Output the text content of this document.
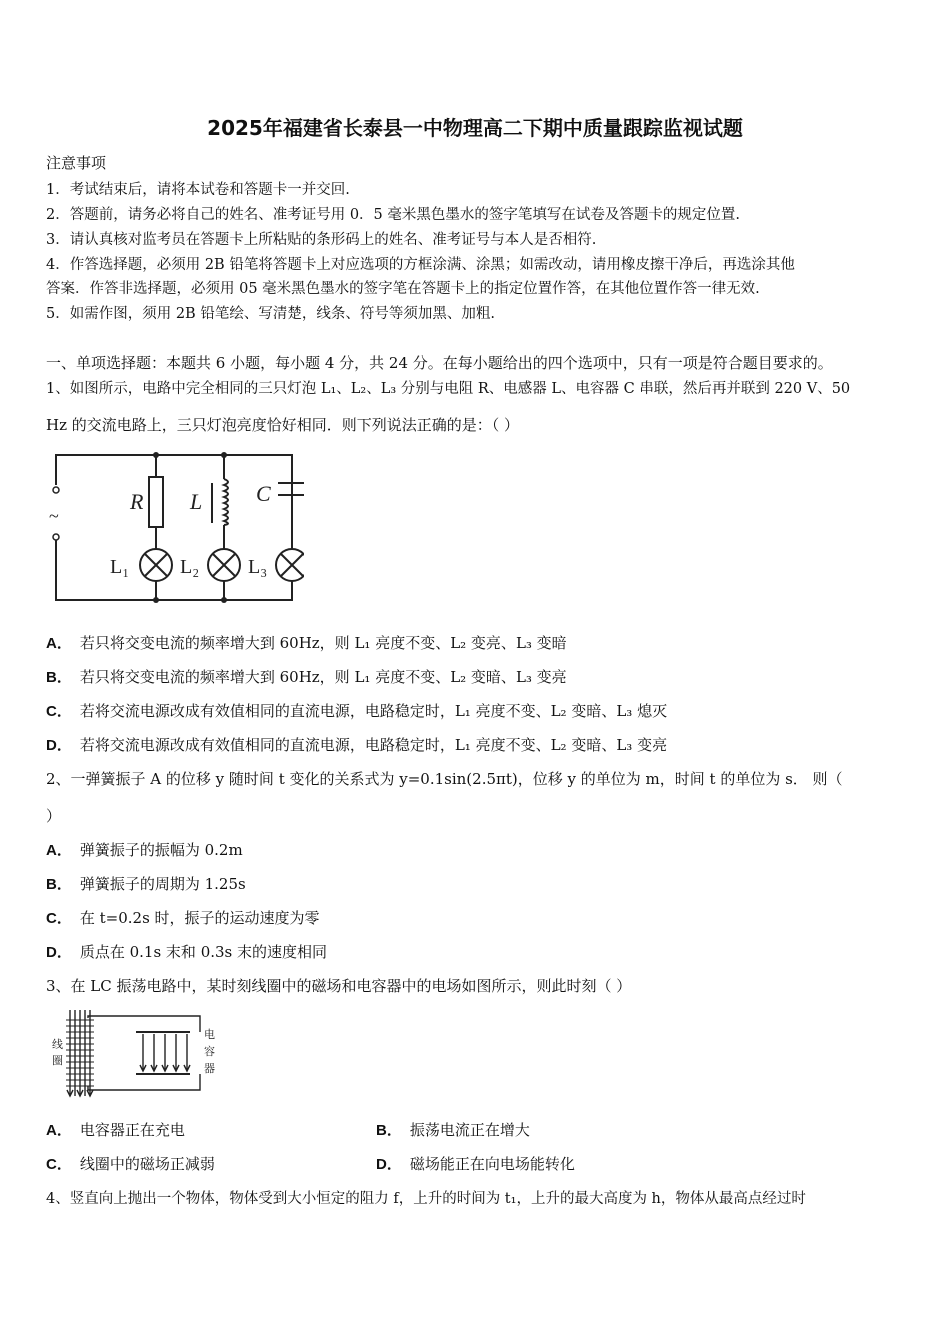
2025年福建省长泰县一中物理高二下期中质量跟踪监视试题
注意事项
1．考试结束后，请将本试卷和答题卡一并交回.
2．答题前，请务必将自己的姓名、准考证号用 0．5 毫米黑色墨水的签字笔填写在试卷及答题卡的规定位置.
3．请认真核对监考员在答题卡上所粘贴的条形码上的姓名、准考证号与本人是否相符.
4．作答选择题，必须用 2B 铅笔将答题卡上对应选项的方框涂满、涂黑；如需改动，请用橡皮擦干净后，再选涂其他
答案．作答非选择题，必须用 05 毫米黑色墨水的签字笔在答题卡上的指定位置作答，在其他位置作答一律无效.
5．如需作图，须用 2B 铅笔绘、写清楚，线条、符号等须加黑、加粗.
一、单项选择题：本题共 6 小题，每小题 4 分，共 24 分。在每小题给出的四个选项中，只有一项是符合题目要求的。
1、如图所示，电路中完全相同的三只灯泡 L₁、L₂、L₃ 分别与电阻 R、电感器 L、电容器 C 串联，然后再并联到 220 V、50
Hz 的交流电路上，三只灯泡亮度恰好相同．则下列说法正确的是：（ ）
~
R L C
L₁	L₂ L₃
A． 若只将交变电流的频率增大到 60Hz，则 L₁ 亮度不变、L₂ 变亮、L₃ 变暗
B． 若只将交变电流的频率增大到 60Hz，则 L₁ 亮度不变、L₂ 变暗、L₃ 变亮
C． 若将交流电源改成有效值相同的直流电源，电路稳定时，L₁ 亮度不变、L₂ 变暗、L₃ 熄灭
D． 若将交流电源改成有效值相同的直流电源，电路稳定时，L₁ 亮度不变、L₂ 变暗、L₃ 变亮
2、一弹簧振子 A 的位移 y 随时间 t 变化的关系式为 y=0.1sin(2.5πt)，位移 y 的单位为 m，时间 t 的单位为 s． 则（
）
A． 弹簧振子的振幅为 0.2m
B． 弹簧振子的周期为 1.25s
C． 在 t=0.2s 时，振子的运动速度为零
D． 质点在 0.1s 末和 0.3s 末的速度相同
3、在 LC 振荡电路中，某时刻线圈中的磁场和电容器中的电场如图所示，则此时刻（ ）
线
圈
电
容
器
A． 电容器正在充电	B． 振荡电流正在增大
C． 线圈中的磁场正减弱	D． 磁场能正在向电场能转化
4、竖直向上抛出一个物体，物体受到大小恒定的阻力 f，上升的时间为 t₁，上升的最大高度为 h，物体从最高点经过时
